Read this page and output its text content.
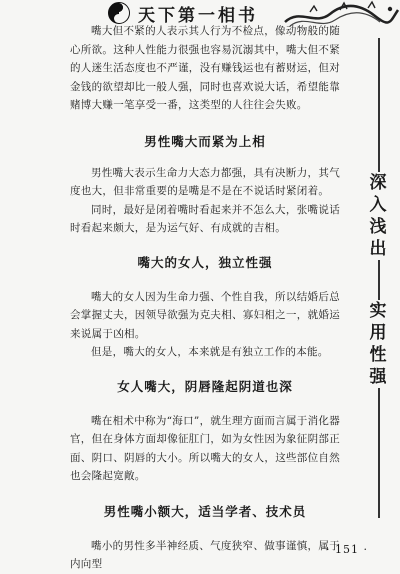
天下第一相书

嘴大但不紧的人表示其人行为不检点，像动物般的随心所欲。这种人性能力很强也容易沉溺其中，嘴大但不紧的人迷生活态度也不严谨，没有赚钱运也有蓄财运，但对金钱的欲望却比一般人强，同时也喜欢说大话，希望能靠赌博大赚一笔享受一番，这类型的人往往会失败。

男性嘴大而紧为上相

男性嘴大表示生命力大态力都强，具有决断力，其气度也大，但非常重要的是嘴是不是在不说话时紧闭着。

同时，最好是闭着嘴时看起来并不怎么大，张嘴说话时看起来颇大，是为运气好、有成就的吉相。

嘴大的女人，独立性强

嘴大的女人因为生命力强、个性自我，所以结婚后总会掌握丈夫，因领导欲强为克夫相、寡妇相之一，就婚运来说属于凶相。

但是，嘴大的女人，本来就是有独立工作的本能。

女人嘴大，阴唇隆起阴道也深

嘴在相术中称为“海口”，就生理方面而言属于消化器官，但在身体方面却像征肛门，如为女性因为象征阴部正面、阴口、阴唇的大小。所以嘴大的女人，这些部位自然也会隆起宽敞。

男性嘴小额大，适当学者、技术员

嘴小的男性多半神经质、气度狭窄、做事谨慎，属于内向型

· 151 ·
深入浅出
实用性强
